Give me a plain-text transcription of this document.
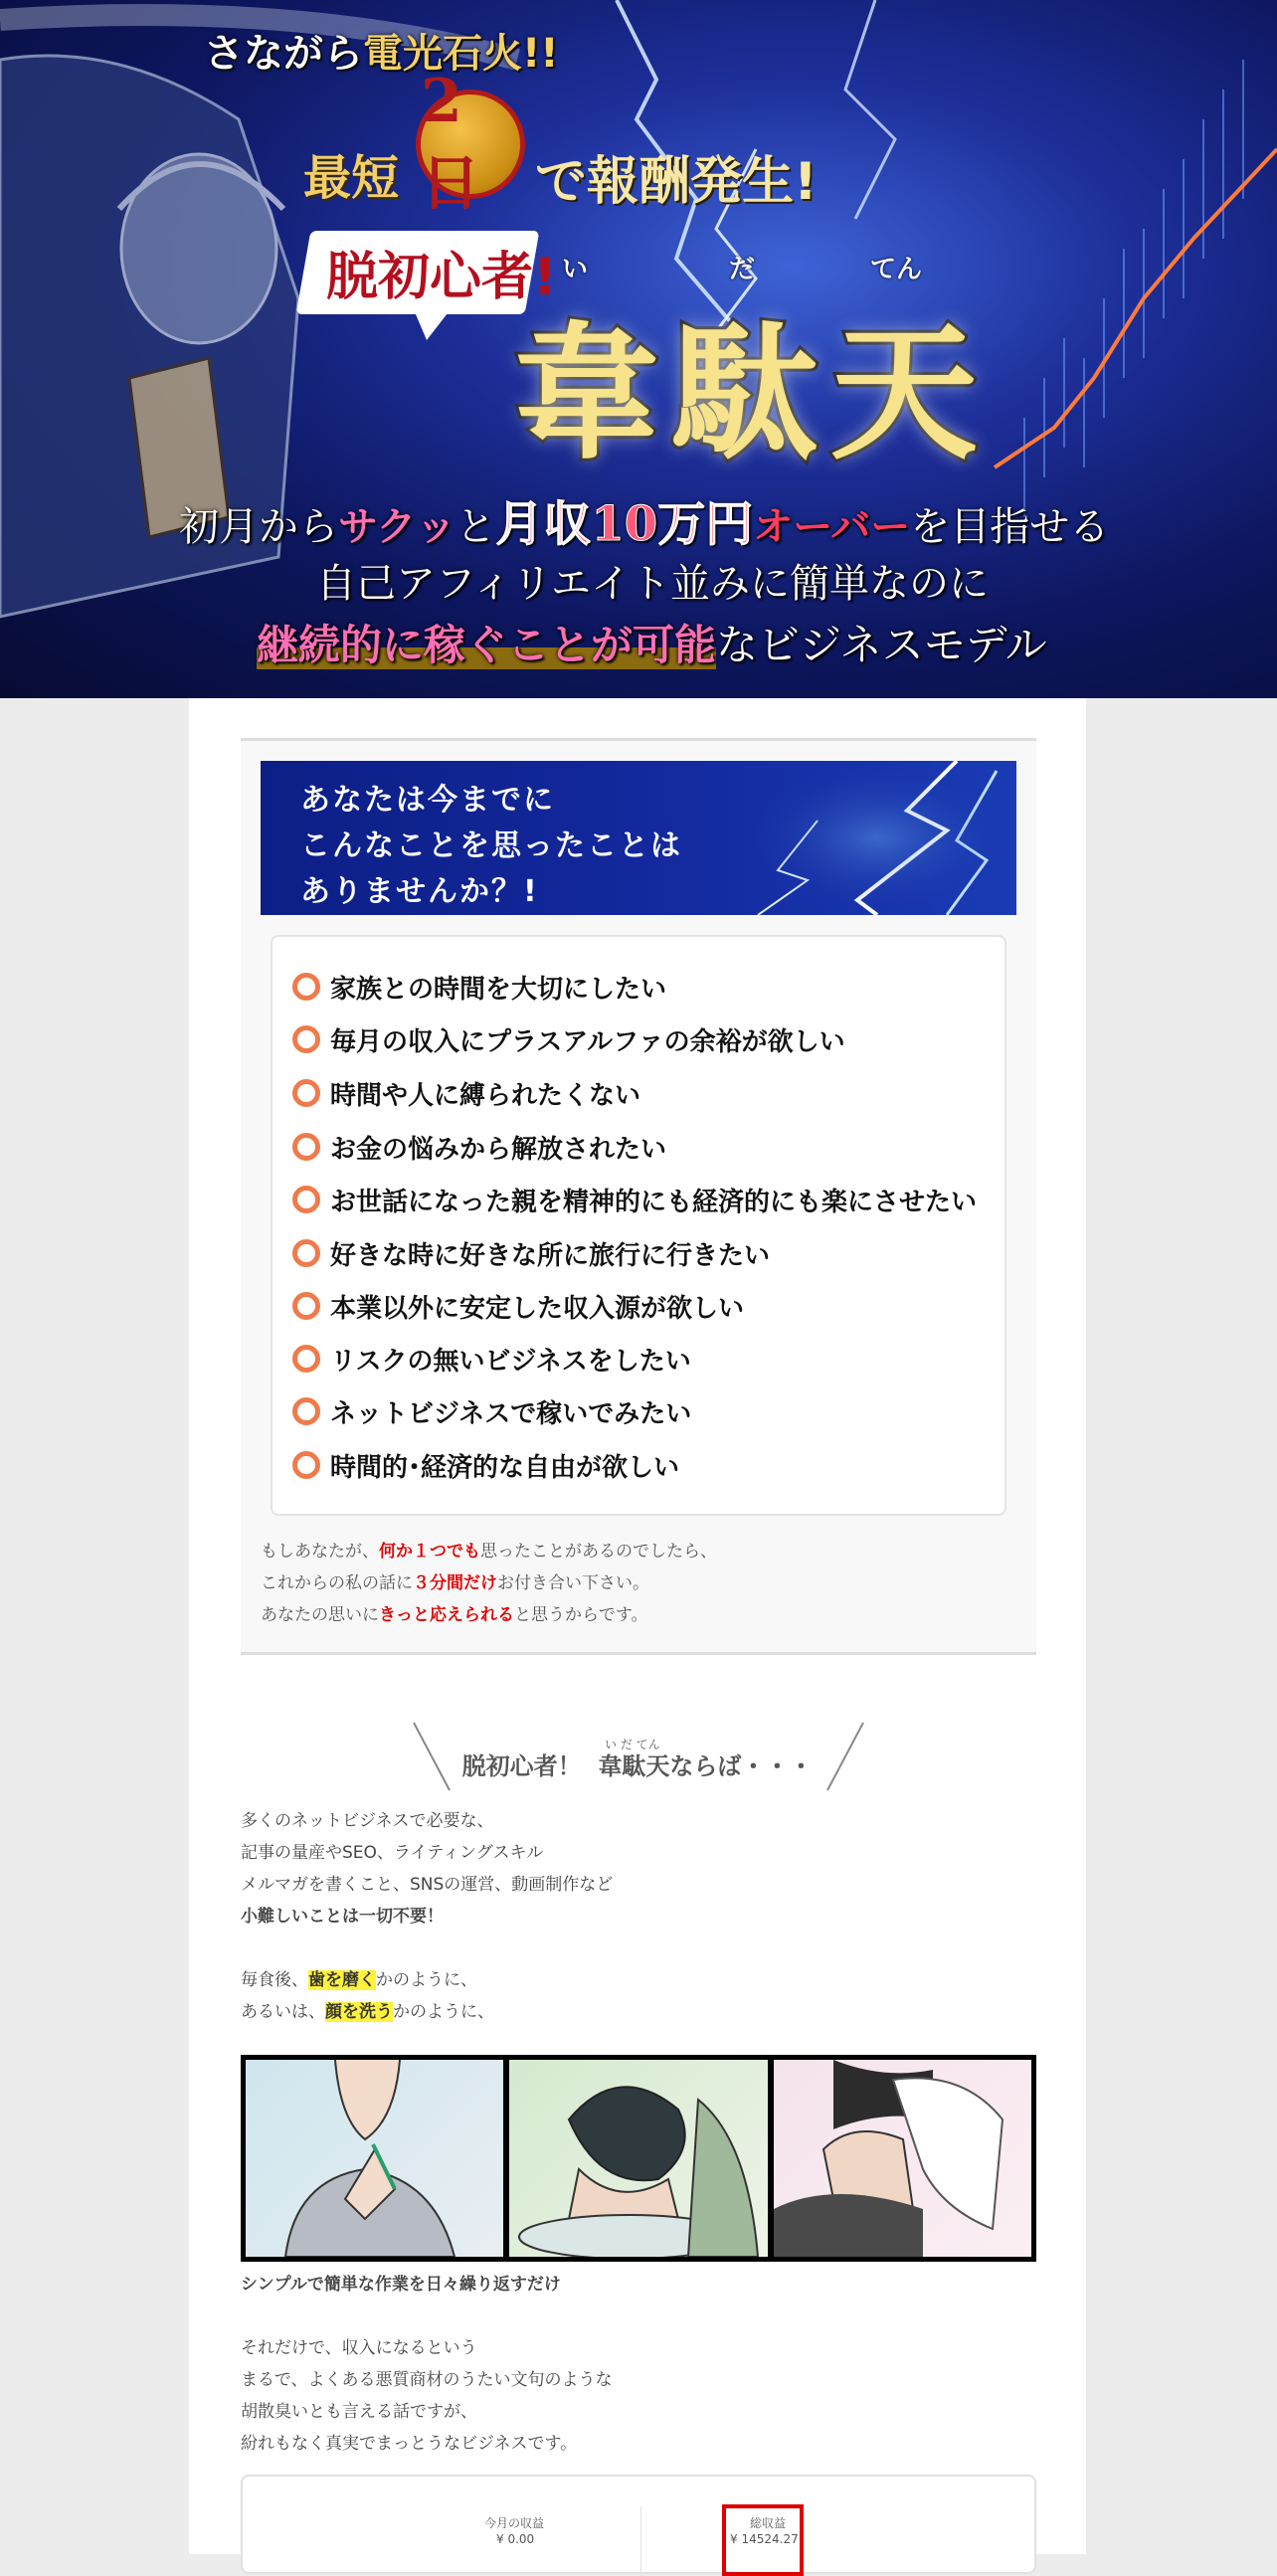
さながら電光石火!!
最短
2日	で報酬発生!
脱初心者! い	だ	てん
韋駄天
初月からサクッと月収10万円オーバーを目指せる
自己アフィリエイト並みに簡単なのに
継続的に稼ぐことが可能なビジネスモデル
あなたは今までに
こんなことを思ったことは
ありませんか？!
家族との時間を大切にしたい
毎月の収入にプラスアルファの余裕が欲しい
時間や人に縛られたくない
お金の悩みから解放されたい
お世話になった親を精神的にも経済的にも楽にさせたい
好きな時に好きな所に旅行に行きたい
本業以外に安定した収入源が欲しい
リスクの無いビジネスをしたい
ネットビジネスで稼いでみたい
時間的･経済的な自由が欲しい
もしあなたが、何か１つでも思ったことがあるのでしたら、
これからの私の話に３分間だけお付き合い下さい。
あなたの思いにきっと応えられると思うからです。
い だ てん
脱初心者！ 韋駄天ならば・・・
多くのネットビジネスで必要な、
記事の量産やSEO、ライティングスキル
メルマガを書くこと、SNSの運営、動画制作など
小難しいことは一切不要！
毎食後、歯を磨くかのように、
あるいは、顔を洗うかのように、
シンプルで簡単な作業を日々繰り返すだけ
それだけで、収入になるという
まるで、よくある悪質商材のうたい文句のような
胡散臭いとも言える話ですが、
紛れもなく真実でまっとうなビジネスです。
今月の収益
¥ 0.00
総収益
¥ 14524.27
